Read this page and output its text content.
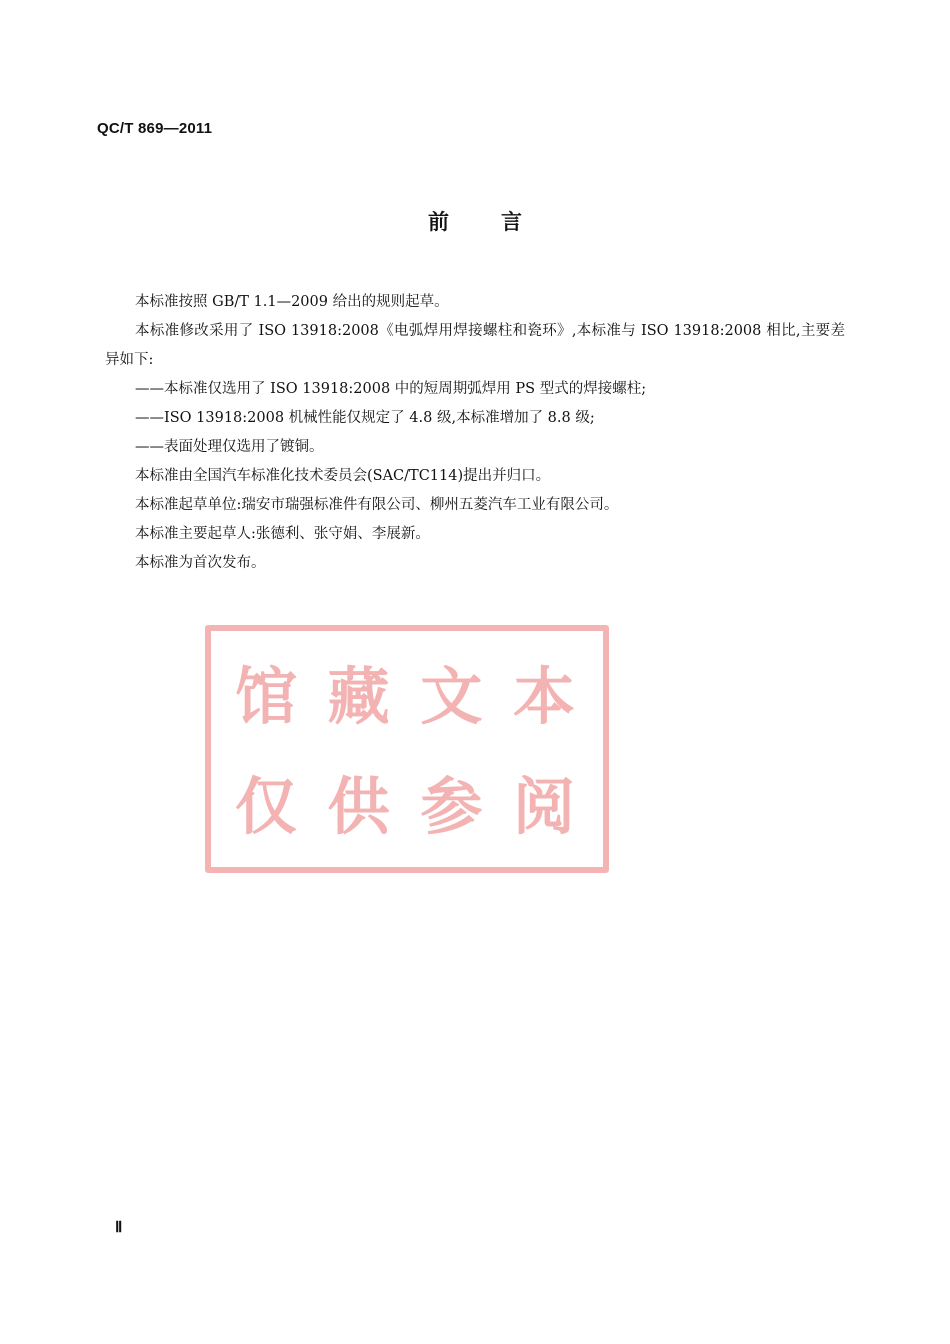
QC/T 869—2011
前 言

本标准按照 GB/T 1.1—2009 给出的规则起草。

本标准修改采用了 ISO 13918:2008《电弧焊用焊接螺柱和瓷环》,本标准与 ISO 13918:2008 相比,主要差异如下:

——本标准仅选用了 ISO 13918:2008 中的短周期弧焊用 PS 型式的焊接螺柱;

——ISO 13918:2008 机械性能仅规定了 4.8 级,本标准增加了 8.8 级;

——表面处理仅选用了镀铜。

本标准由全国汽车标准化技术委员会(SAC/TC114)提出并归口。

本标准起草单位:瑞安市瑞强标准件有限公司、柳州五菱汽车工业有限公司。

本标准主要起草人:张德利、张守娟、李展新。

本标准为首次发布。

馆 藏 文 本
仅 供 参 阅
Ⅱ
